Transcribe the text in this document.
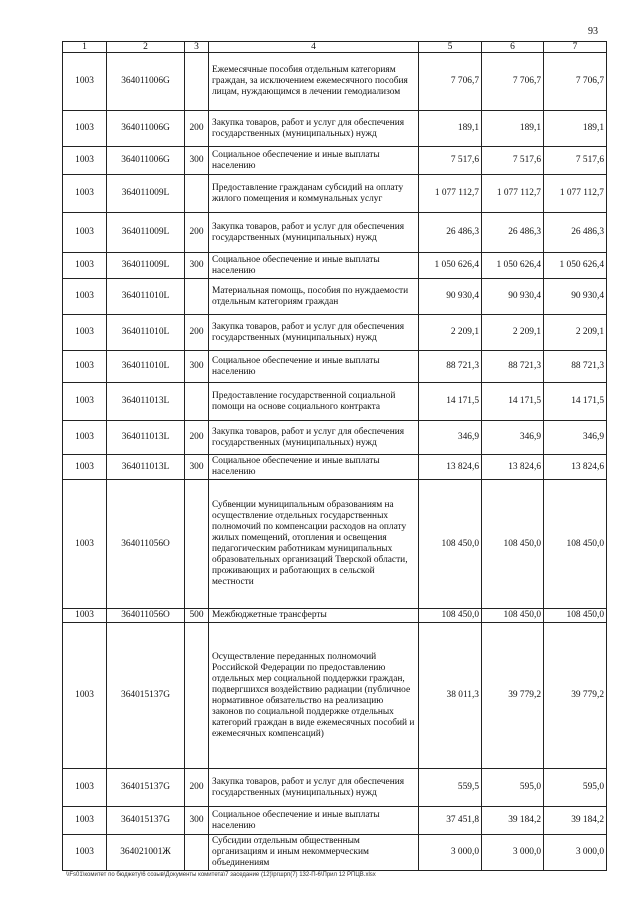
93
1	2	3	4	5	6	7
1003	364011006G		Ежемесячные пособия отдельным категориям граждан, за исключением ежемесячного пособия лицам, нуждающимся в лечении гемодиализом	7 706,7	7 706,7	7 706,7
1003	364011006G	200	Закупка товаров, работ и услуг для обеспечения государственных (муниципальных) нужд	189,1	189,1	189,1
1003	364011006G	300	Социальное обеспечение и иные выплаты населению	7 517,6	7 517,6	7 517,6
1003	364011009L		Предоставление гражданам субсидий на оплату жилого помещения и коммунальных услуг	1 077 112,7	1 077 112,7	1 077 112,7
1003	364011009L	200	Закупка товаров, работ и услуг для обеспечения государственных (муниципальных) нужд	26 486,3	26 486,3	26 486,3
1003	364011009L	300	Социальное обеспечение и иные выплаты населению	1 050 626,4	1 050 626,4	1 050 626,4
1003	364011010L		Материальная помощь, пособия по нуждаемости отдельным категориям граждан	90 930,4	90 930,4	90 930,4
1003	364011010L	200	Закупка товаров, работ и услуг для обеспечения государственных (муниципальных) нужд	2 209,1	2 209,1	2 209,1
1003	364011010L	300	Социальное обеспечение и иные выплаты населению	88 721,3	88 721,3	88 721,3
1003	364011013L		Предоставление государственной социальной помощи на основе социального контракта	14 171,5	14 171,5	14 171,5
1003	364011013L	200	Закупка товаров, работ и услуг для обеспечения государственных (муниципальных) нужд	346,9	346,9	346,9
1003	364011013L	300	Социальное обеспечение и иные выплаты населению	13 824,6	13 824,6	13 824,6
1003	364011056O		Субвенции муниципальным образованиям на осуществление отдельных государственных полномочий по компенсации расходов на оплату жилых помещений, отопления и освещения педагогическим работникам муниципальных образовательных организаций Тверской области, проживающих и работающих в сельской местности	108 450,0	108 450,0	108 450,0
1003	364011056O	500	Межбюджетные трансферты	108 450,0	108 450,0	108 450,0
1003	364015137G		Осуществление переданных полномочий Российской Федерации по предоставлению отдельных мер социальной поддержки граждан, подвергшихся воздействию радиации (публичное нормативное обязательство на реализацию законов по социальной поддержке отдельных категорий граждан в виде ежемесячных пособий и ежемесячных компенсаций)	38 011,3	39 779,2	39 779,2
1003	364015137G	200	Закупка товаров, работ и услуг для обеспечения государственных (муниципальных) нужд	559,5	595,0	595,0
1003	364015137G	300	Социальное обеспечение и иные выплаты населению	37 451,8	39 184,2	39 184,2
1003	364021001Ж		Субсидии отдельным общественным организациям и иным некоммерческим объединениям	3 000,0	3 000,0	3 000,0
\\Fs01\комитет по бюджету\6 созыв\Документы комитета\7 заседание (12)\ргшрп(7) 132-П-6\Прил 12 РПЦВ.xlsx
